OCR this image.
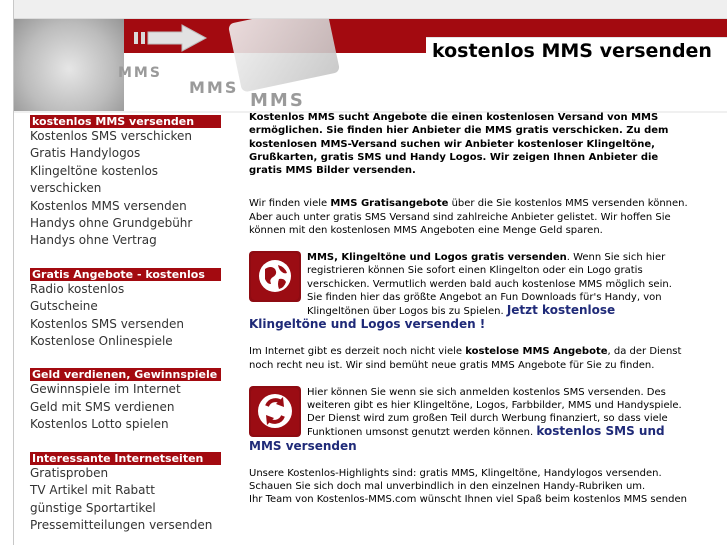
MMS
MMS
MMS
kostenlos MMS versenden
kostenlos MMS versenden
Kostenlos SMS verschicken
Gratis Handylogos
Klingeltöne kostenlos verschicken
Kostenlos MMS versenden
Handys ohne Grundgebühr
Handys ohne Vertrag
Gratis Angebote - kostenlos
Radio kostenlos
Gutscheine
Kostenlos SMS versenden
Kostenlose Onlinespiele
Geld verdienen, Gewinnspiele
Gewinnspiele im Internet
Geld mit SMS verdienen
Kostenlos Lotto spielen
Interessante Internetseiten
Gratisproben
TV Artikel mit Rabatt
günstige Sportartikel
Pressemitteilungen versenden

Kostenlos MMS sucht Angebote die einen kostenlosen Versand von MMS ermöglichen. Sie finden hier Anbieter die MMS gratis verschicken. Zu dem kostenlosen MMS-Versand suchen wir Anbieter kostenloser Klingeltöne, Grußkarten, gratis SMS und Handy Logos. Wir zeigen Ihnen Anbieter die gratis MMS Bilder versenden.

Wir finden viele MMS Gratisangebote über die Sie kostenlos MMS versenden können.
Aber auch unter gratis SMS Versand sind zahlreiche Anbieter gelistet. Wir hoffen Sie können mit den kostenlosen MMS Angeboten eine Menge Geld sparen.

MMS, Klingeltöne und Logos gratis versenden. Wenn Sie sich hier registrieren können Sie sofort einen Klingelton oder ein Logo gratis verschicken. Vermutlich werden bald auch kostenlose MMS möglich sein. Sie finden hier das größte Angebot an Fun Downloads für's Handy, von Klingeltönen über Logos bis zu Spielen. Jetzt kostenlose Klingeltöne und Logos versenden !

Im Internet gibt es derzeit noch nicht viele kostelose MMS Angebote, da der Dienst noch recht neu ist. Wir sind bemüht neue gratis MMS Angebote für Sie zu finden.

Hier können Sie wenn sie sich anmelden kostenlos SMS versenden. Des weiteren gibt es hier Klingeltöne, Logos, Farbbilder, MMS und Handyspiele. Der Dienst wird zum großen Teil durch Werbung finanziert, so dass viele Funktionen umsonst genutzt werden können. kostenlos SMS und MMS versenden

Unsere Kostenlos-Highlights sind: gratis MMS, Klingeltöne, Handylogos versenden.
Schauen Sie sich doch mal unverbindlich in den einzelnen Handy-Rubriken um.
Ihr Team von Kostenlos-MMS.com wünscht Ihnen viel Spaß beim kostenlos MMS senden
